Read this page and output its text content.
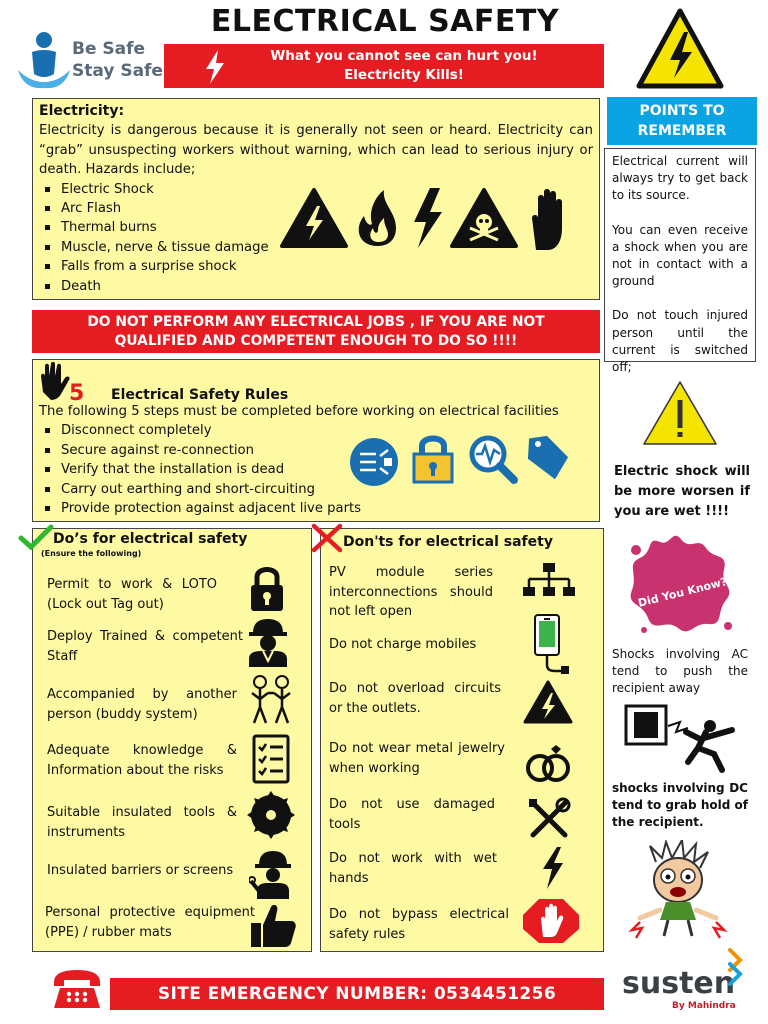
ELECTRICAL SAFETY
Be Safe
Stay Safe
What you cannot see can hurt you!
Electricity Kills!
Electricity:

Electricity is dangerous because it is generally not seen or heard. Electricity can “grab” unsuspecting workers without warning, which can lead to serious injury or death. Hazards include;

Electric Shock
Arc Flash
Thermal burns
Muscle, nerve & tissue damage
Falls from a surprise shock
Death
DO NOT PERFORM ANY ELECTRICAL JOBS , IF YOU ARE NOT
QUALIFIED AND COMPETENT ENOUGH TO DO SO !!!!
5 Electrical Safety Rules

The following 5 steps must be completed before working on electrical facilities

Disconnect completely
Secure against re-connection
Verify that the installation is dead
Carry out earthing and short-circuiting
Provide protection against adjacent live parts
Do’s for electrical safety
(Ensure the following)
Permit to work & LOTO (Lock out Tag out)
Deploy Trained & competent Staff
Accompanied by another person (buddy system)
Adequate knowledge & Information about the risks
Suitable insulated tools & instruments
Insulated barriers or screens
Personal protective equipment (PPE) / rubber mats
Don'ts for electrical safety
PV module series interconnections should not left open
Do not charge mobiles
Do not overload circuits or the outlets.
Do not wear metal jewelry when working
Do not use damaged tools
Do not work with wet hands
Do not bypass electrical safety rules
POINTS TO
REMEMBER

Electrical current will always try to get back to its source.

You can even receive a shock when you are not in contact with a ground

Do not touch injured person until the current is switched off;

Electric shock will be more worsen if you are wet !!!!
Did You Know?
Shocks involving AC tend to push the recipient away
shocks involving DC tend to grab hold of the recipient.
SITE EMERGENCY NUMBER: 0534451256	susten
By Mahindra
